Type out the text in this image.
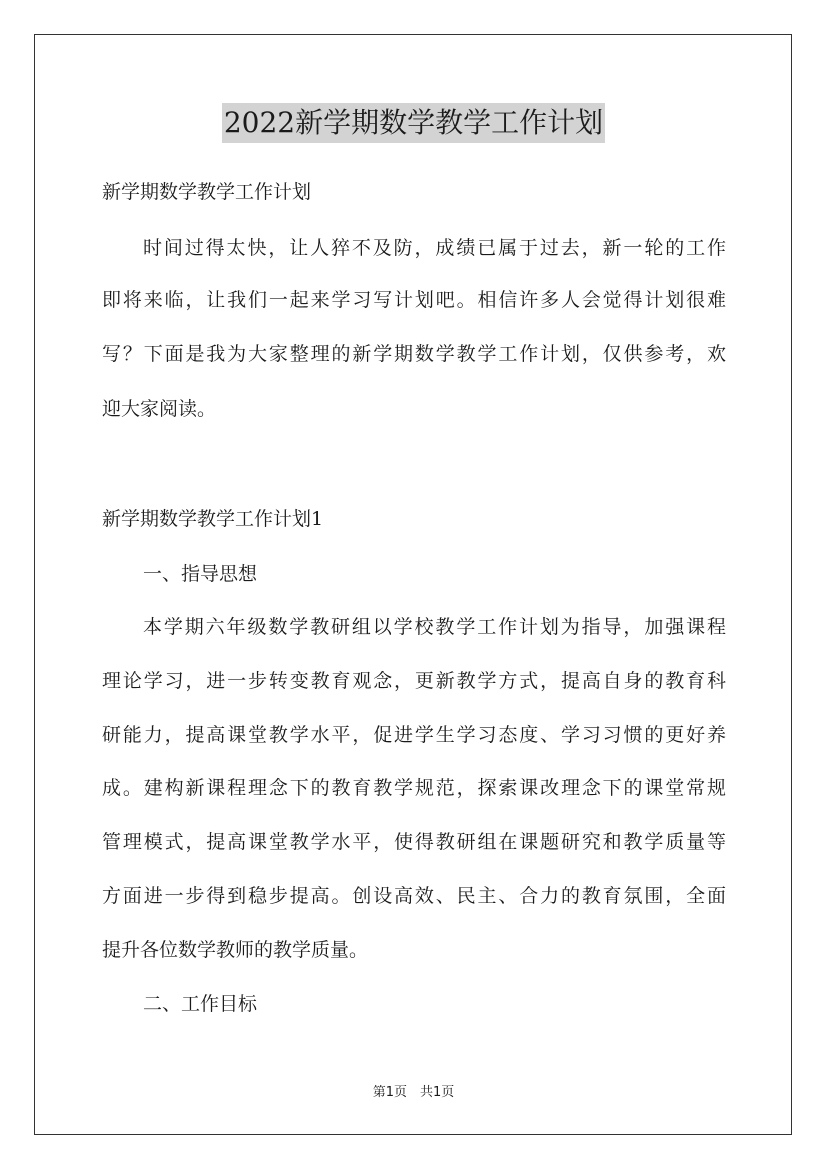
2022新学期数学教学工作计划
新学期数学教学工作计划
时间过得太快，让人猝不及防，成绩已属于过去，新一轮的工作
即将来临，让我们一起来学习写计划吧。相信许多人会觉得计划很难
写？下面是我为大家整理的新学期数学教学工作计划，仅供参考，欢
迎大家阅读。
新学期数学教学工作计划1
一、指导思想
本学期六年级数学教研组以学校教学工作计划为指导，加强课程
理论学习，进一步转变教育观念，更新教学方式，提高自身的教育科
研能力，提高课堂教学水平，促进学生学习态度、学习习惯的更好养
成。建构新课程理念下的教育教学规范，探索课改理念下的课堂常规
管理模式，提高课堂教学水平，使得教研组在课题研究和教学质量等
方面进一步得到稳步提高。创设高效、民主、合力的教育氛围，全面
提升各位数学教师的教学质量。
二、工作目标
第1页　共1页
